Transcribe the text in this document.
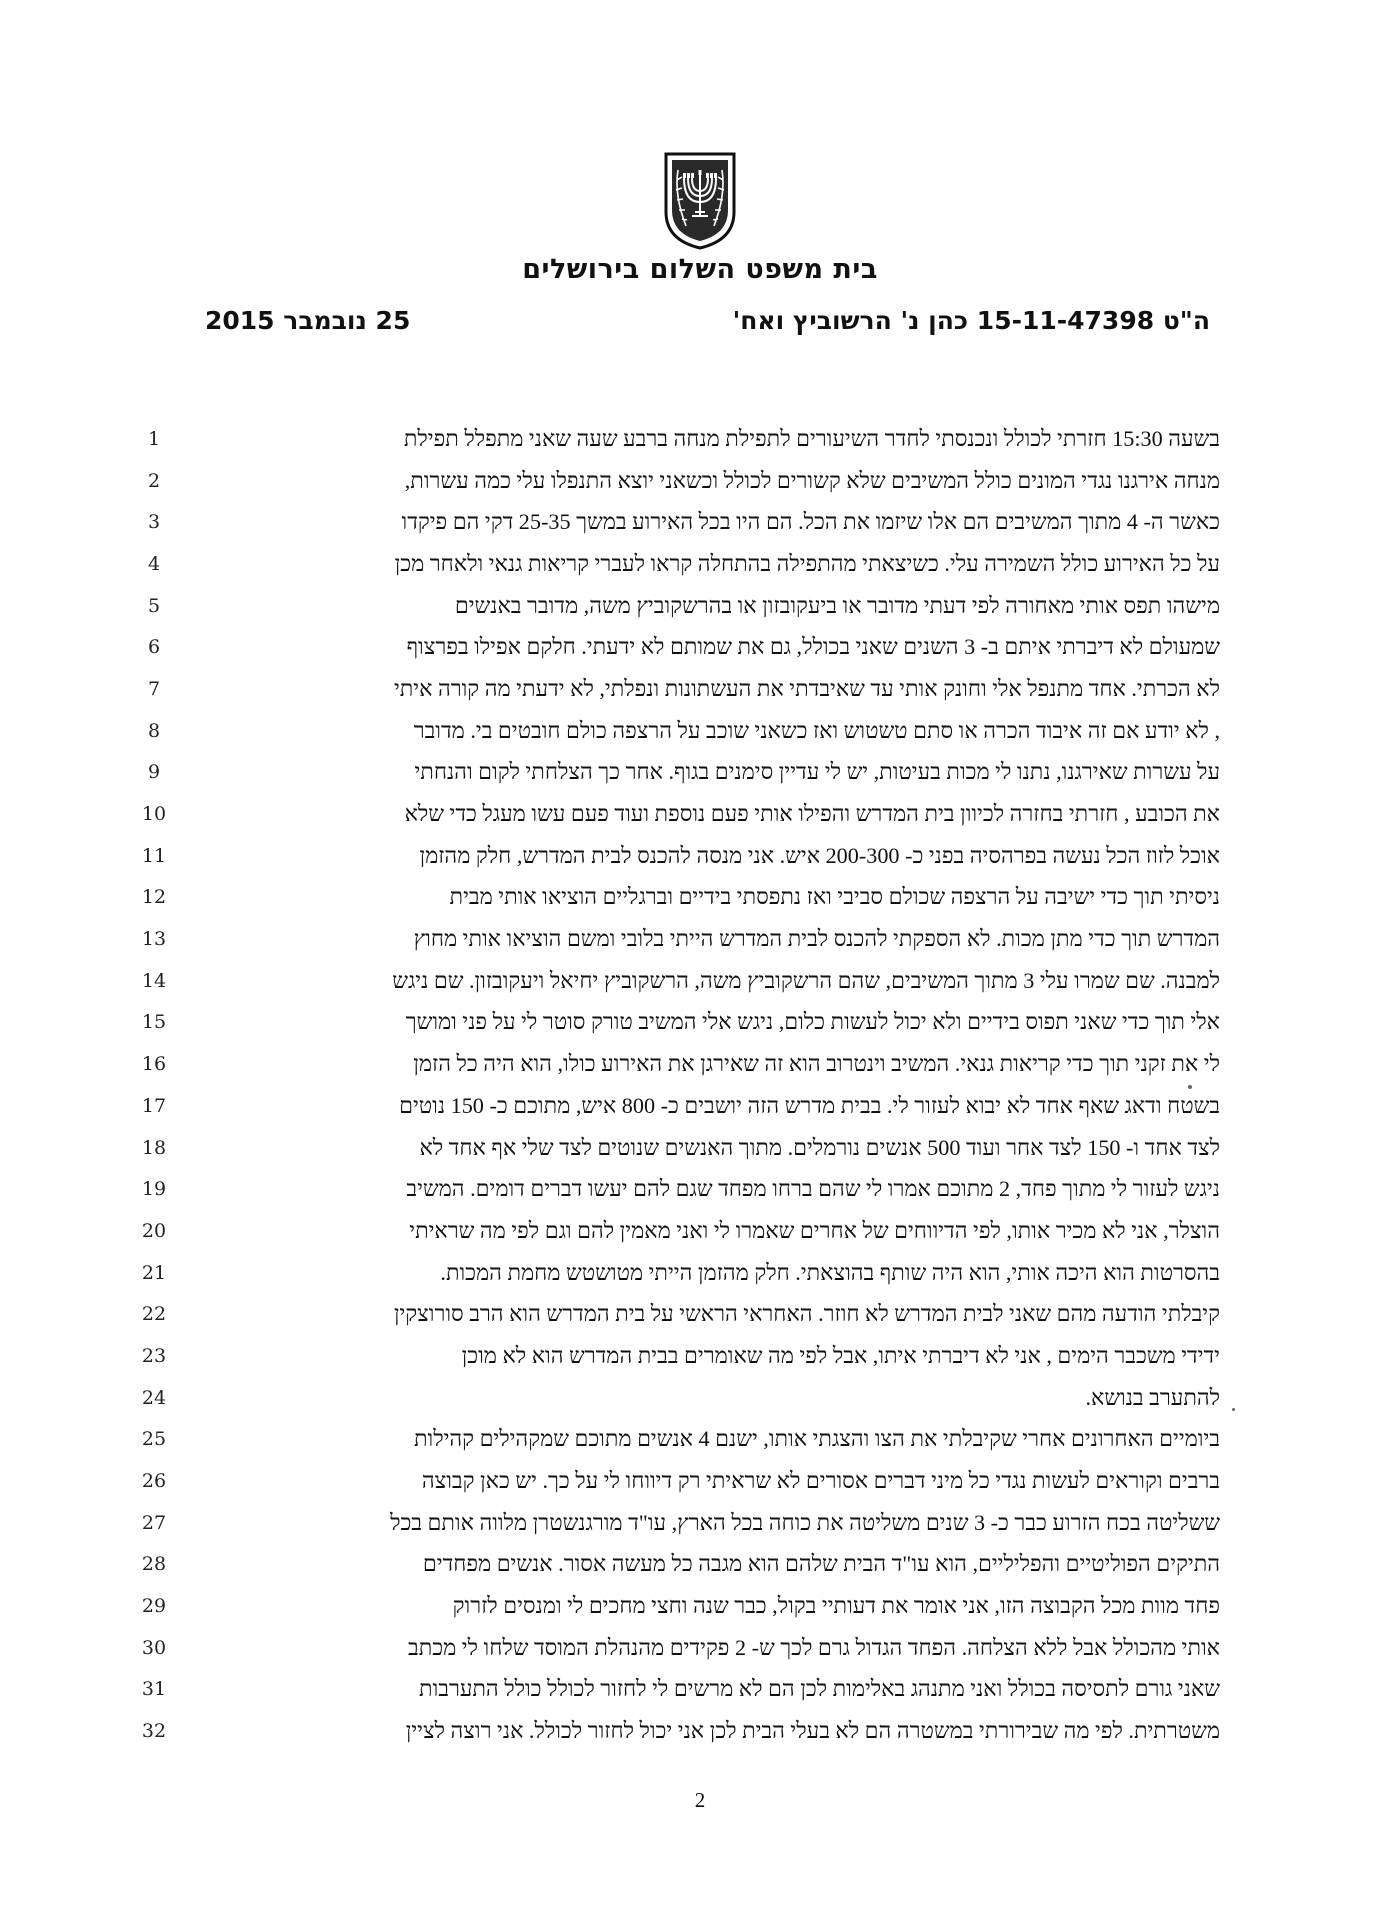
בית משפט השלום בירושלים
ה"ט 15-11-47398 כהן נ' הרשוביץ ואח'
25 נובמבר 2015
1	בשעה 15:30 חזרתי לכולל ונכנסתי לחדר השיעורים לתפילת מנחה ברבע שעה שאני מתפלל תפילת
2	מנחה אירגנו נגדי המונים כולל המשיבים שלא קשורים לכולל וכשאני יוצא התנפלו עלי כמה עשרות,
3	כאשר ה- 4 מתוך המשיבים הם אלו שיזמו את הכל. הם היו בכל האירוע במשך 25-35 דקי הם פיקדו
4	על כל האירוע כולל השמירה עלי. כשיצאתי מהתפילה בהתחלה קראו לעברי קריאות גנאי ולאחר מכן
5	מישהו תפס אותי מאחורה לפי דעתי מדובר או ביעקובזון או בהרשקוביץ משה, מדובר באנשים
6	שמעולם לא דיברתי איתם ב- 3 השנים שאני בכולל, גם את שמותם לא ידעתי. חלקם אפילו בפרצוף
7	לא הכרתי. אחד מתנפל אלי וחונק אותי עד שאיבדתי את העשתונות ונפלתי, לא ידעתי מה קורה איתי
8	, לא יודע אם זה איבוד הכרה או סתם טשטוש ואז כשאני שוכב על הרצפה כולם חובטים בי. מדובר
9	על עשרות שאירגנו, נתנו לי מכות בעיטות, יש לי עדיין סימנים בגוף. אחר כך הצלחתי לקום והנחתי
10	את הכובע , חזרתי בחזרה לכיוון בית המדרש והפילו אותי פעם נוספת ועוד פעם עשו מעגל כדי שלא
11	אוכל לזוז הכל נעשה בפרהסיה בפני כ- 200-300 איש. אני מנסה להכנס לבית המדרש, חלק מהזמן
12	ניסיתי תוך כדי ישיבה על הרצפה שכולם סביבי ואז נתפסתי בידיים וברגליים הוציאו אותי מבית
13	המדרש תוך כדי מתן מכות. לא הספקתי להכנס לבית המדרש הייתי בלובי ומשם הוציאו אותי מחוץ
14	למבנה. שם שמרו עלי 3 מתוך המשיבים, שהם הרשקוביץ משה, הרשקוביץ יחיאל ויעקובזון. שם ניגש
15	אלי תוך כדי שאני תפוס בידיים ולא יכול לעשות כלום, ניגש אלי המשיב טורק סוטר לי על פני ומושך
16	לי את זקני תוך כדי קריאות גנאי. המשיב וינטרוב הוא זה שאירגן את האירוע כולו, הוא היה כל הזמן
17	בשטח ודאג שאף אחד לא יבוא לעזור לי. בבית מדרש הזה יושבים כ- 800 איש, מתוכם כ- 150 נוטים
18	לצד אחד ו- 150 לצד אחר ועוד 500 אנשים נורמלים. מתוך האנשים שנוטים לצד שלי אף אחד לא
19	ניגש לעזור לי מתוך פחד, 2 מתוכם אמרו לי שהם ברחו מפחד שגם להם יעשו דברים דומים. המשיב
20	הוצלר, אני לא מכיר אותו, לפי הדיווחים של אחרים שאמרו לי ואני מאמין להם וגם לפי מה שראיתי
21	בהסרטות הוא היכה אותי, הוא היה שותף בהוצאתי. חלק מהזמן הייתי מטושטש מחמת המכות.
22	קיבלתי הודעה מהם שאני לבית המדרש לא חוזר. האחראי הראשי על בית המדרש הוא הרב סורוצקין
23	ידידי משכבר הימים , אני לא דיברתי איתו, אבל לפי מה שאומרים בבית המדרש הוא לא מוכן
24	להתערב בנושא.
25	ביומיים האחרונים אחרי שקיבלתי את הצו והצגתי אותו, ישנם 4 אנשים מתוכם שמקהילים קהילות
26	ברבים וקוראים לעשות נגדי כל מיני דברים אסורים לא שראיתי רק דיווחו לי על כך. יש כאן קבוצה
27	ששליטה בכח הזרוע כבר כ- 3 שנים משליטה את כוחה בכל הארץ, עו"ד מורגנשטרן מלווה אותם בכל
28	התיקים הפוליטיים והפליליים, הוא עו"ד הבית שלהם הוא מגבה כל מעשה אסור. אנשים מפחדים
29	פחד מוות מכל הקבוצה הזו, אני אומר את דעותיי בקול, כבר שנה וחצי מחכים לי ומנסים לזרוק
30	אותי מהכולל אבל ללא הצלחה. הפחד הגדול גרם לכך ש- 2 פקידים מהנהלת המוסד שלחו לי מכתב
31	שאני גורם לתסיסה בכולל ואני מתנהג באלימות לכן הם לא מרשים לי לחזור לכולל כולל התערבות
32	משטרתית. לפי מה שבירורתי במשטרה הם לא בעלי הבית לכן אני יכול לחזור לכולל. אני רוצה לציין
2
